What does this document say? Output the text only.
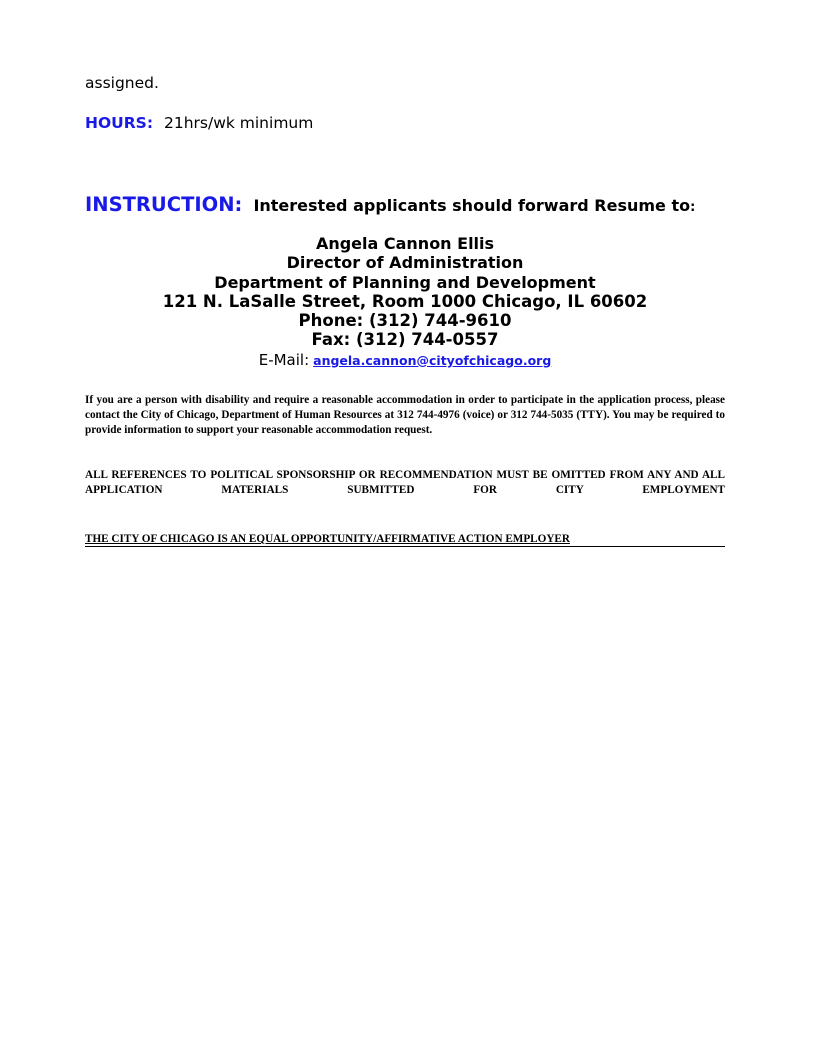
assigned.
HOURS: 21hrs/wk minimum
INSTRUCTION: Interested applicants should forward Resume to:
Angela Cannon Ellis
Director of Administration
Department of Planning and Development
121 N. LaSalle Street, Room 1000 Chicago, IL 60602
Phone: (312) 744-9610
Fax: (312) 744-0557
E-Mail: angela.cannon@cityofchicago.org
If you are a person with disability and require a reasonable accommodation in order to participate in the application process, please contact the City of Chicago, Department of Human Resources at 312 744-4976 (voice) or 312 744-5035 (TTY). You may be required to provide information to support your reasonable accommodation request.
ALL REFERENCES TO POLITICAL SPONSORSHIP OR RECOMMENDATION MUST BE OMITTED FROM ANY AND ALL APPLICATION MATERIALS SUBMITTED FOR CITY EMPLOYMENT
THE CITY OF CHICAGO IS AN EQUAL OPPORTUNITY/AFFIRMATIVE ACTION EMPLOYER
